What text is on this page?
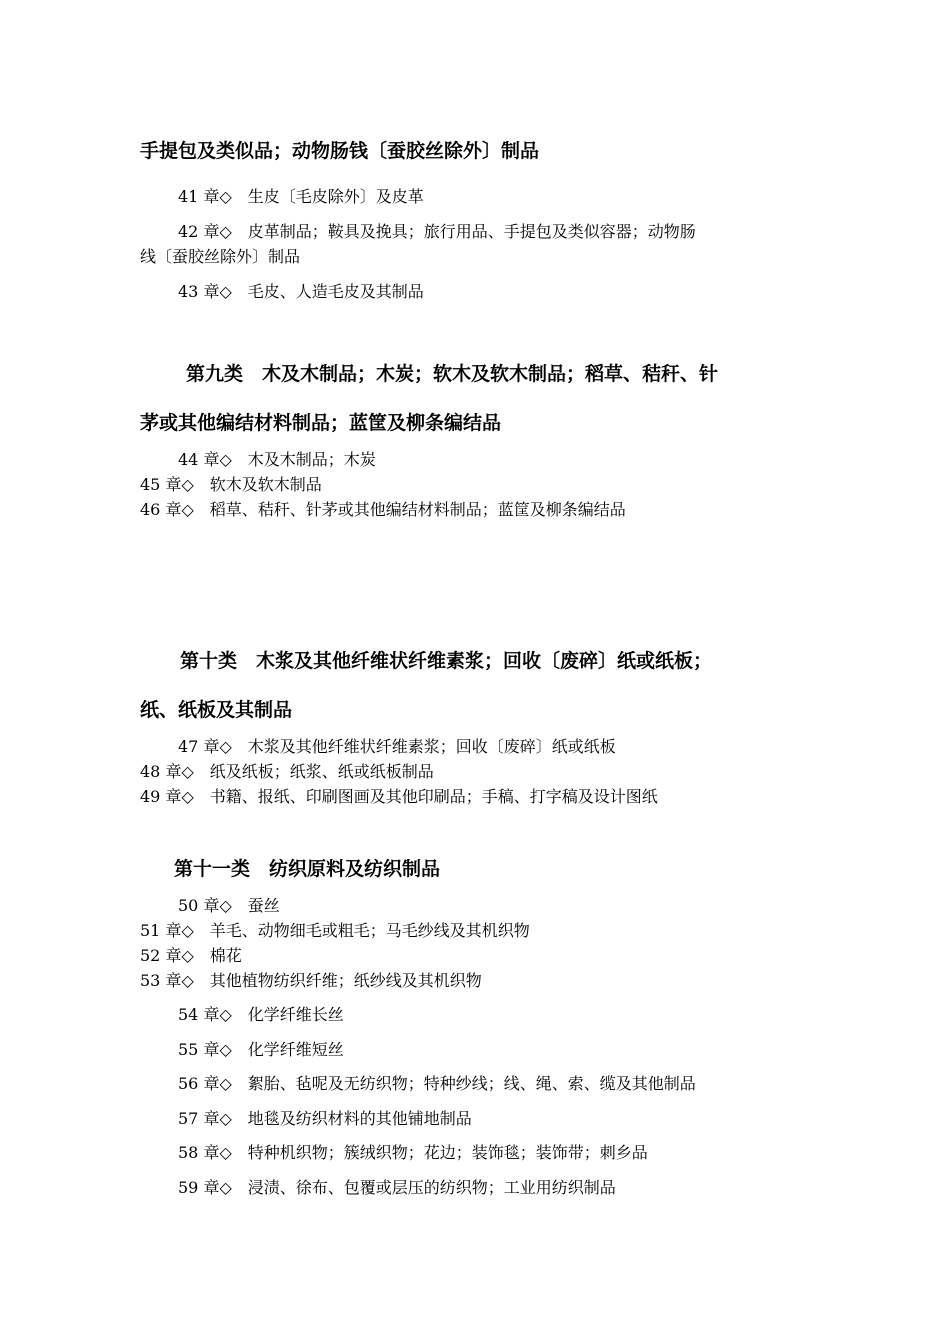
手提包及类似品；动物肠钱〔蚕胶丝除外〕制品
41 章◇　生皮〔毛皮除外〕及皮革
42 章◇　皮革制品；鞍具及挽具；旅行用品、手提包及类似容器；动物肠
线〔蚕胶丝除外〕制品
43 章◇　毛皮、人造毛皮及其制品
第九类　木及木制品；木炭；软木及软木制品；稻草、秸秆、针
茅或其他编结材料制品；蓝筐及柳条编结品
44 章◇　木及木制品；木炭
45 章◇　软木及软木制品
46 章◇　稻草、秸秆、针茅或其他编结材料制品；蓝筐及柳条编结品
第十类　木浆及其他纤维状纤维素浆；回收〔废碎〕纸或纸板；
纸、纸板及其制品
47 章◇　木浆及其他纤维状纤维素浆；回收〔废碎〕纸或纸板
48 章◇　纸及纸板；纸浆、纸或纸板制品
49 章◇　书籍、报纸、印刷图画及其他印刷品；手稿、打字稿及设计图纸
第十一类　纺织原料及纺织制品
50 章◇　蚕丝
51 章◇　羊毛、动物细毛或粗毛；马毛纱线及其机织物
52 章◇　棉花
53 章◇　其他植物纺织纤维；纸纱线及其机织物
54 章◇　化学纤维长丝
55 章◇　化学纤维短丝
56 章◇　絮胎、毡呢及无纺织物；特种纱线；线、绳、索、缆及其他制品
57 章◇　地毯及纺织材料的其他铺地制品
58 章◇　特种机织物；簇绒织物；花边；装饰毯；装饰带；刺乡品
59 章◇　浸渍、徐布、包覆或层压的纺织物；工业用纺织制品
